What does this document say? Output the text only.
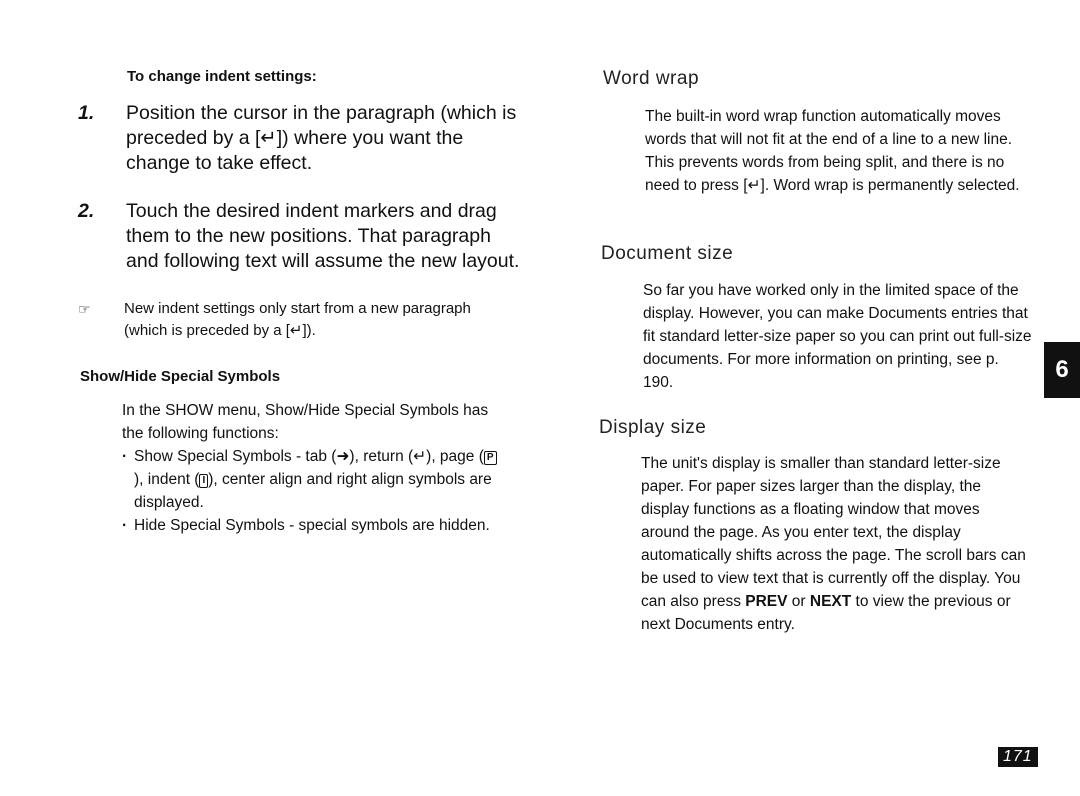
To change indent settings:
1.	Position the cursor in the paragraph (which is preceded by a [↵]) where you want the change to take effect.
2.	Touch the desired indent markers and drag them to the new positions. That paragraph and following text will assume the new layout.
☞	New indent settings only start from a new paragraph (which is preceded by a [↵]).
Show/Hide Special Symbols
In the SHOW menu, Show/Hide Special Symbols has the following functions:
· Show Special Symbols - tab (➜), return (↵), page ( P), indent ( I ), center align and right align symbols are displayed.
· Hide Special Symbols - special symbols are hidden.
Word wrap
The built-in word wrap function automatically moves words that will not fit at the end of a line to a new line. This prevents words from being split, and there is no need to press [↵]. Word wrap is permanently selected.
Document size
So far you have worked only in the limited space of the display. However, you can make Documents entries that fit standard letter-size paper so you can print out full-size documents. For more information on printing, see p. 190.
Display size
The unit's display is smaller than standard letter-size paper. For paper sizes larger than the display, the display functions as a floating window that moves around the page. As you enter text, the display automatically shifts across the page. The scroll bars can be used to view text that is currently off the display. You can also press PREV or NEXT to view the previous or next Documents entry.
6
171
